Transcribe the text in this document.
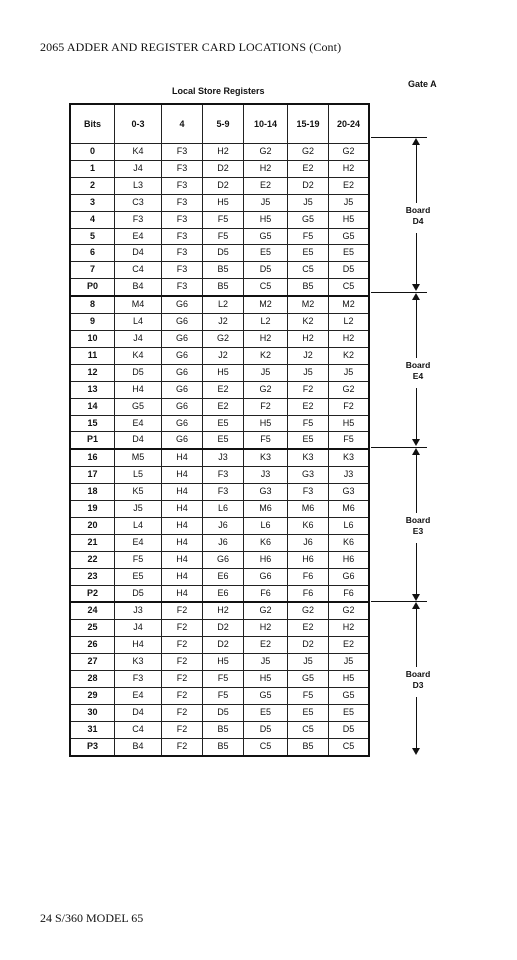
2065 ADDER AND REGISTER CARD LOCATIONS (Cont)
Local Store Registers
Gate A
Bits	0-3	4	5-9	10-14	15-19	20-24
0	K4	F3	H2	G2	G2	G2
1	J4	F3	D2	H2	E2	H2
2	L3	F3	D2	E2	D2	E2
3	C3	F3	H5	J5	J5	J5
4	F3	F3	F5	H5	G5	H5
5	E4	F3	F5	G5	F5	G5
6	D4	F3	D5	E5	E5	E5
7	C4	F3	B5	D5	C5	D5
P0	B4	F3	B5	C5	B5	C5
8	M4	G6	L2	M2	M2	M2
9	L4	G6	J2	L2	K2	L2
10	J4	G6	G2	H2	H2	H2
11	K4	G6	J2	K2	J2	K2
12	D5	G6	H5	J5	J5	J5
13	H4	G6	E2	G2	F2	G2
14	G5	G6	E2	F2	E2	F2
15	E4	G6	E5	H5	F5	H5
P1	D4	G6	E5	F5	E5	F5
16	M5	H4	J3	K3	K3	K3
17	L5	H4	F3	J3	G3	J3
18	K5	H4	F3	G3	F3	G3
19	J5	H4	L6	M6	M6	M6
20	L4	H4	J6	L6	K6	L6
21	E4	H4	J6	K6	J6	K6
22	F5	H4	G6	H6	H6	H6
23	E5	H4	E6	G6	F6	G6
P2	D5	H4	E6	F6	F6	F6
24	J3	F2	H2	G2	G2	G2
25	J4	F2	D2	H2	E2	H2
26	H4	F2	D2	E2	D2	E2
27	K3	F2	H5	J5	J5	J5
28	F3	F2	F5	H5	G5	H5
29	E4	F2	F5	G5	F5	G5
30	D4	F2	D5	E5	E5	E5
31	C4	F2	B5	D5	C5	D5
P3	B4	F2	B5	C5	B5	C5
Board
D4
Board
E4
Board
E3
Board
D3
24 S/360 MODEL 65
